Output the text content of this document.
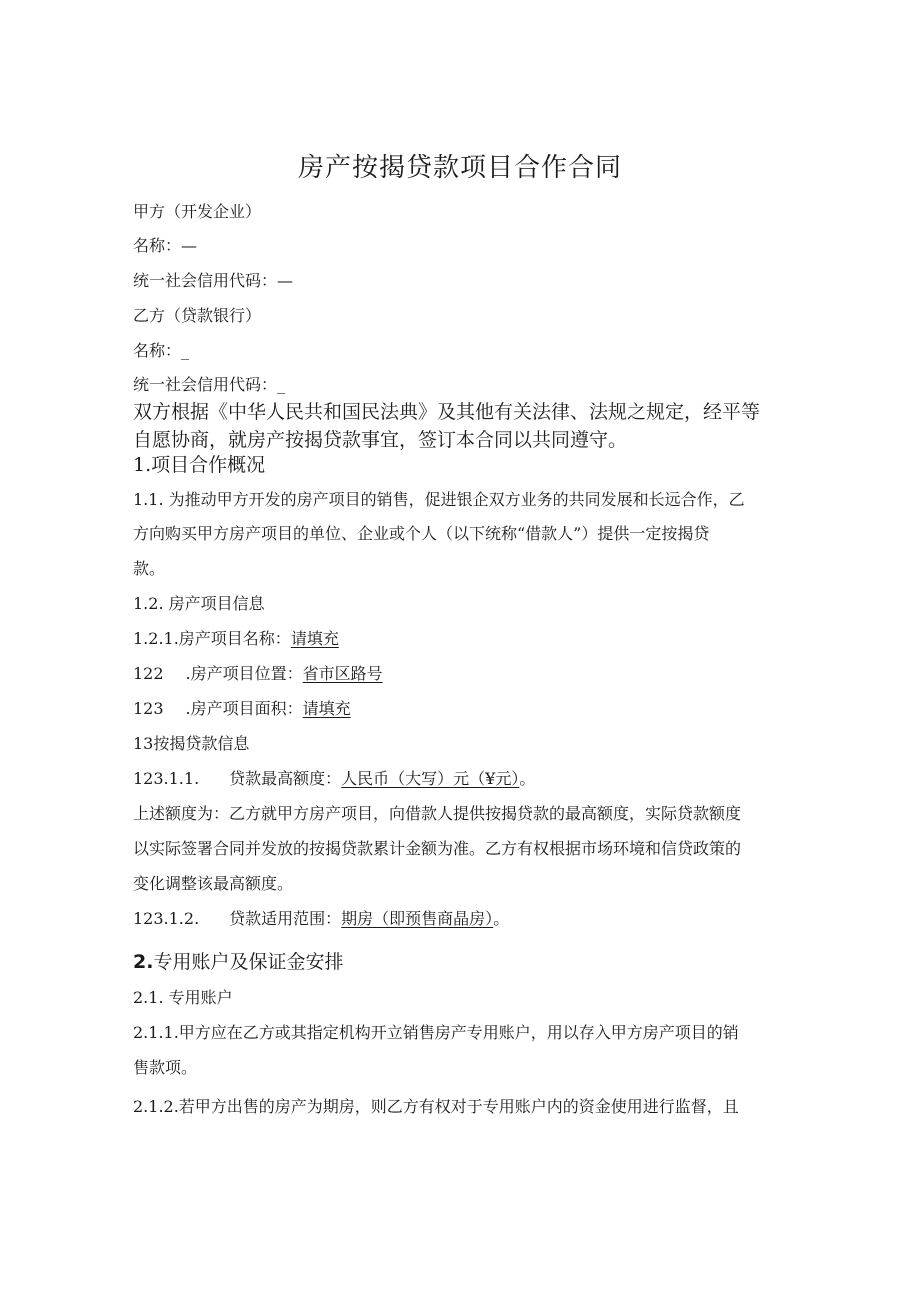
房产按揭贷款项目合作合同
甲方（开发企业）
名称：—
统一社会信用代码：—
乙方（贷款银行）
名称：_
统一社会信用代码：_
双方根据《中华人民共和国民法典》及其他有关法律、法规之规定，经平等
自愿协商，就房产按揭贷款事宜，签订本合同以共同遵守。
1.项目合作概况
1.1. 为推动甲方开发的房产项目的销售，促进银企双方业务的共同发展和长远合作，乙
方向购买甲方房产项目的单位、企业或个人（以下统称“借款人”）提供一定按揭贷
款。
1.2. 房产项目信息
1.2.1.房产项目名称：请填充
122 .房产项目位置：省市区路号
123 .房产项目面积：请填充
13按揭贷款信息
123.1.1. 贷款最高额度：人民币（大写）元（¥元）。
上述额度为：乙方就甲方房产项目，向借款人提供按揭贷款的最高额度，实际贷款额度
以实际签署合同并发放的按揭贷款累计金额为准。乙方有权根据市场环境和信贷政策的
变化调整该最高额度。
123.1.2. 贷款适用范围：期房（即预售商晶房）。
2.专用账户及保证金安排
2.1. 专用账户
2.1.1.甲方应在乙方或其指定机构开立销售房产专用账户，用以存入甲方房产项目的销
售款项。
2.1.2.若甲方出售的房产为期房，则乙方有权对于专用账户内的资金使用进行监督，且
